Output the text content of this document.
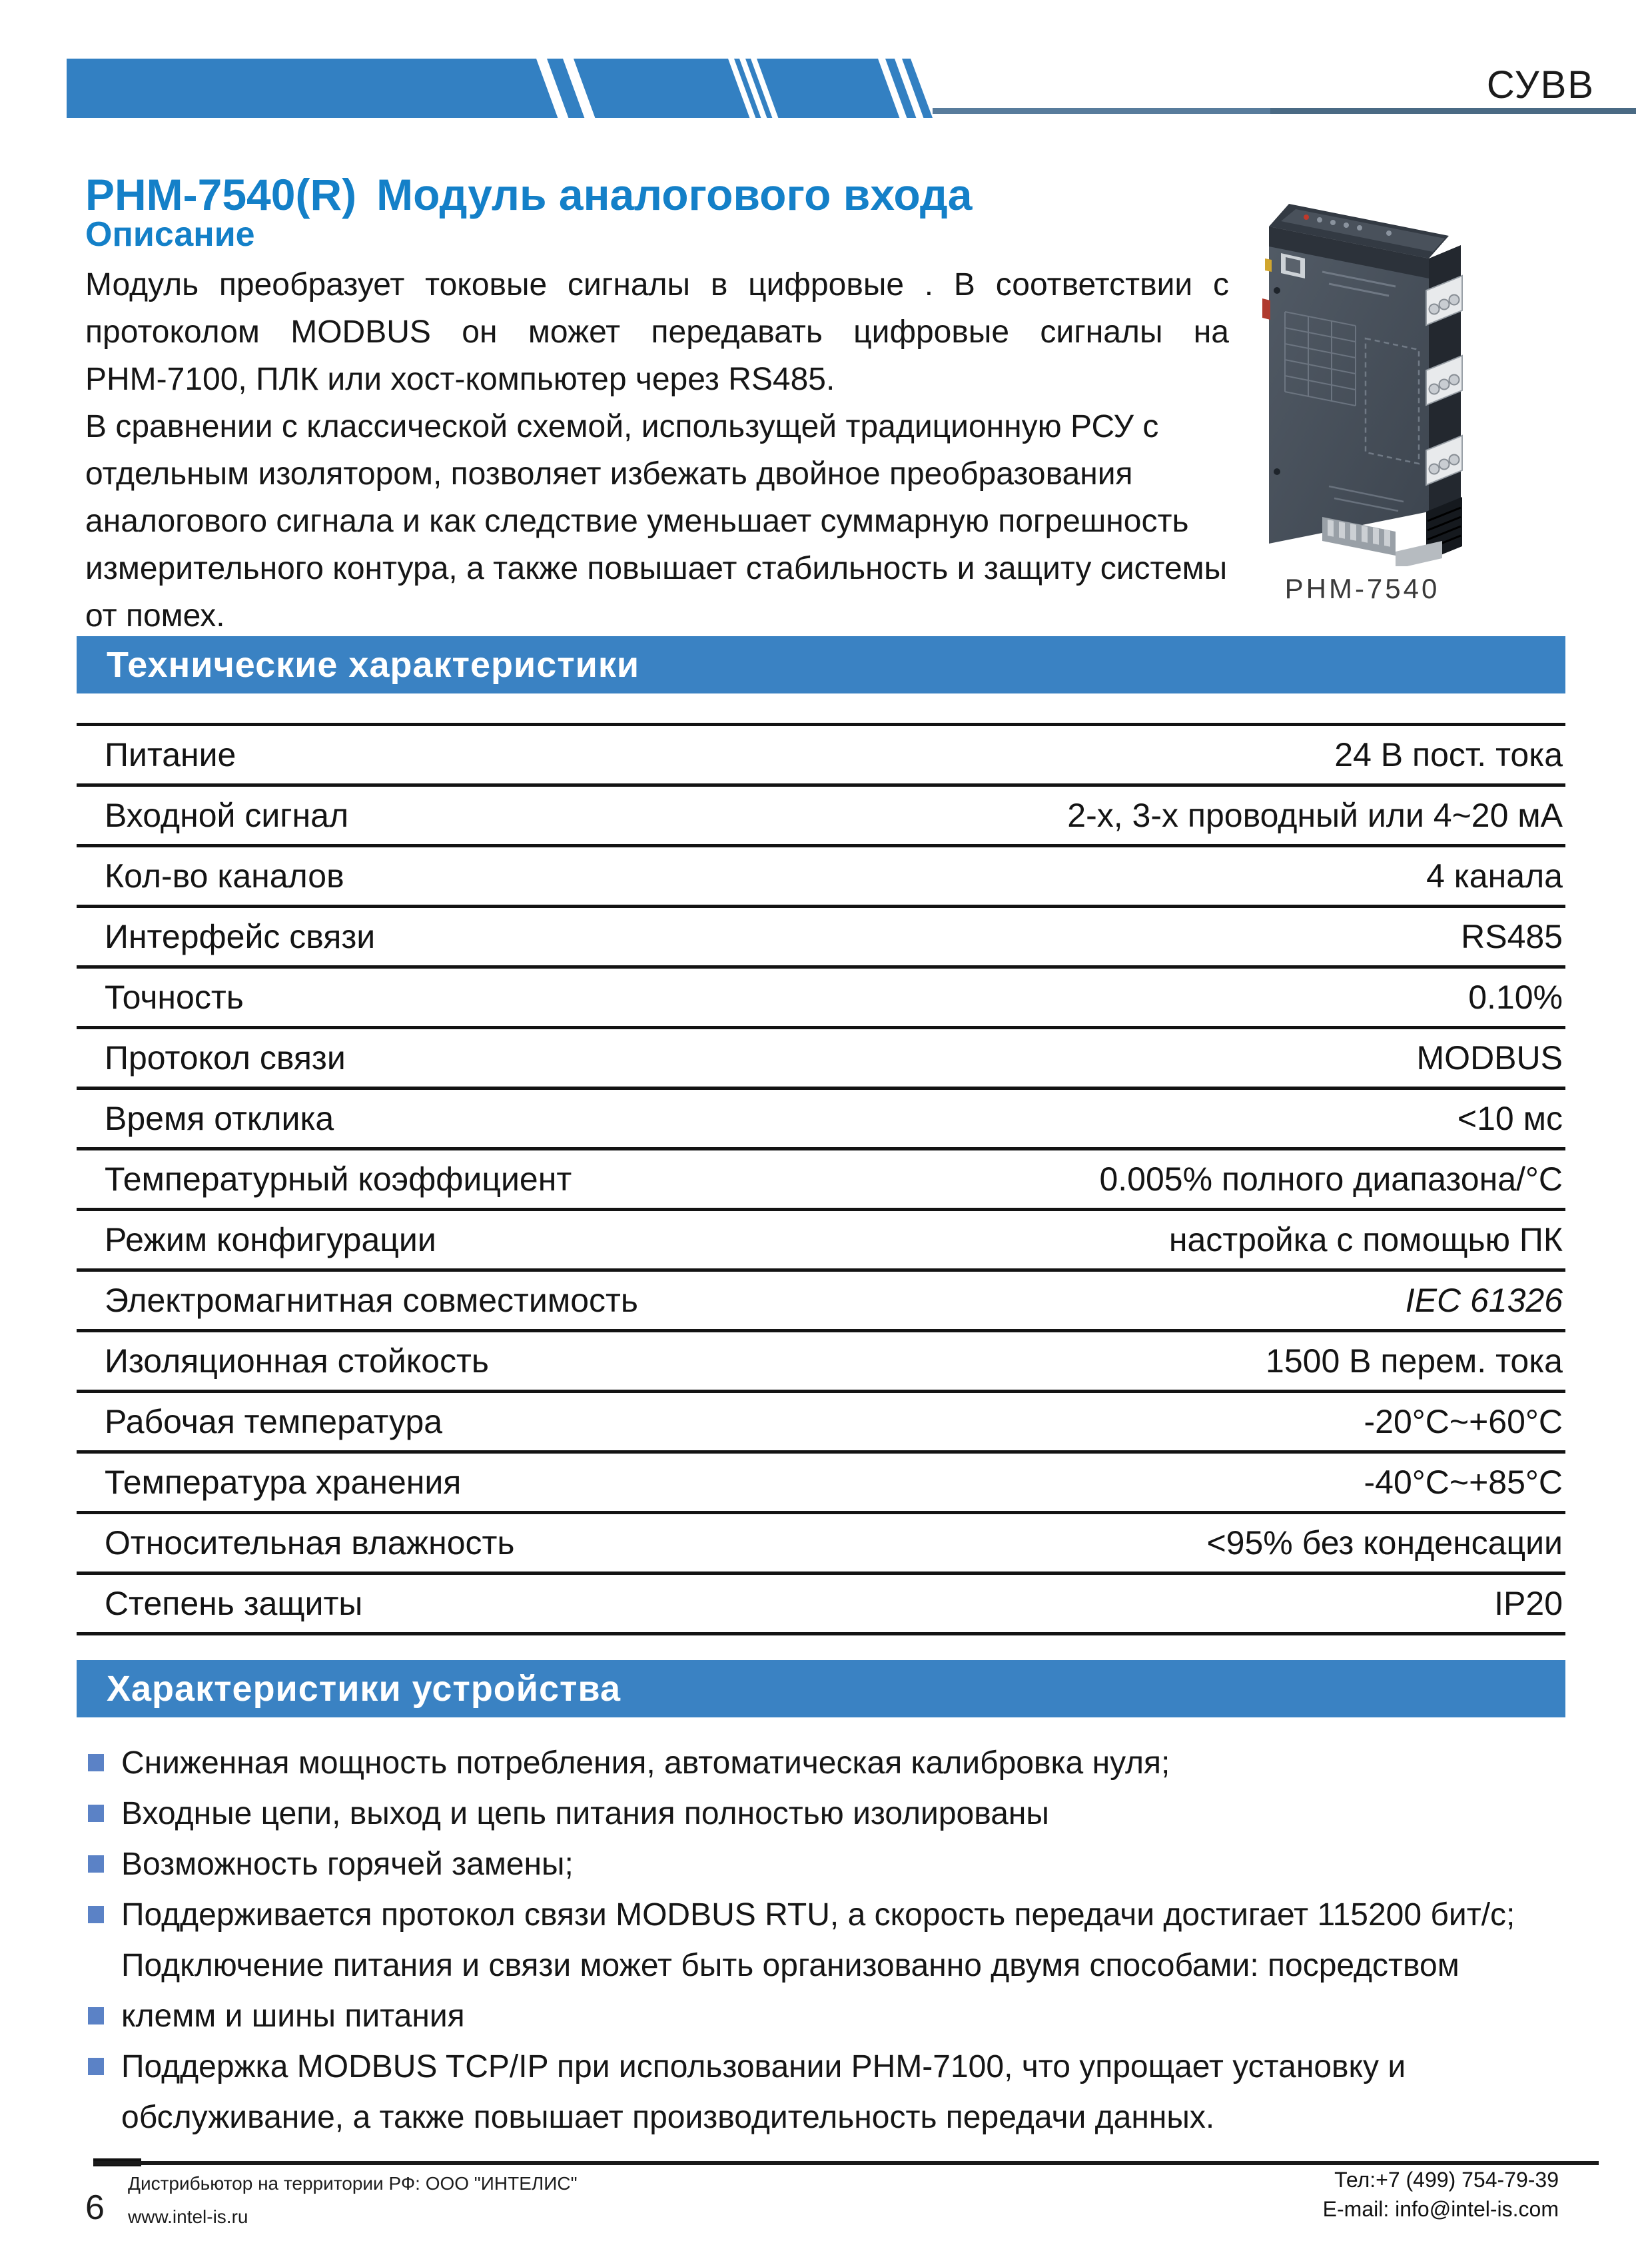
СУВВ
PHM-7540(R) Модуль аналогового входа
Описание
Модуль преобразует токовые сигналы в цифровые . В соответствии с
протоколом MODBUS он может передавать цифровые сигналы на
PHM-7100, ПЛК или хост-компьютер через RS485.
В сравнении с классической схемой, использущей традиционную РСУ с
отдельным изолятором, позволяет избежать двойное преобразования
аналогового сигнала и как следствие уменьшает суммарную погрешность
измерительного контура, а также повышает стабильность и защиту системы
от помех.
PHM-7540
Технические характеристики
Питание	24 В пост. тока
Входной сигнал	2-х, 3-х проводный или 4~20 мА
Кол-во каналов	4 канала
Интерфейс связи	RS485
Точность	0.10%
Протокол связи	MODBUS
Время отклика	<10 мс
Температурный коэффициент	0.005% полного диапазона/°C
Режим конфигурации	настройка с помощью ПК
Электромагнитная совместимость	IEC 61326
Изоляционная стойкость	1500 В перем. тока
Рабочая температура	-20°C~+60°C
Температура хранения	-40°C~+85°C
Относительная влажность	<95% без конденсации
Степень защиты	IP20
Характеристики устройства
Сниженная мощность потребления, автоматическая калибровка нуля;
Входные цепи, выход и цепь питания полностью изолированы
Возможность горячей замены;
Поддерживается протокол связи MODBUS RTU, а скорость передачи достигает 115200 бит/с;
Подключение питания и связи может быть организованно двумя способами: посредством
клемм и шины питания
Поддержка MODBUS TCP/IP при использовании PHM-7100, что упрощает установку и
обслуживание, а также повышает производительность передачи данных.
6
Дистрибьютор на территории РФ: ООО "ИНТЕЛИС"
www.intel-is.ru
Тел:+7 (499) 754-79-39
E-mail: info@intel-is.com
